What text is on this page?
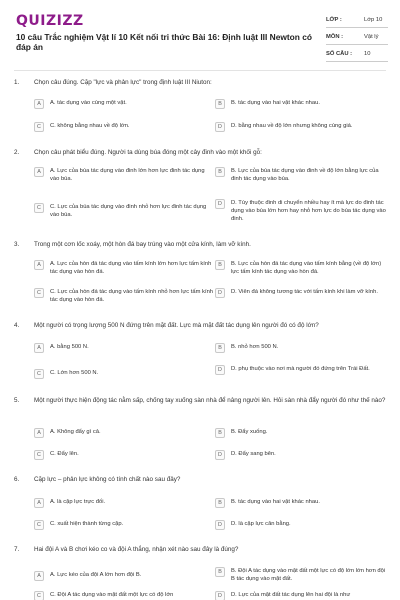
QUIZIZZ
10 câu Trắc nghiệm Vật lí 10 Kết nối tri thức Bài 16: Định luật III Newton có đáp án
LỚP :	Lớp 10
MÔN :	Vật lý
SỐ CÂU :	10
1. Chọn câu đúng. Cặp "lực và phản lực" trong định luật III Niuton:
A	A. tác dụng vào cùng một vật.	B	B. tác dụng vào hai vật khác nhau.
C	C. không bằng nhau về độ lớn.	D	D. bằng nhau về độ lớn nhưng không cùng giá.
2. Chọn câu phát biểu đúng. Người ta dùng búa đóng một cây đinh vào một khối gỗ:
A	A. Lực của búa tác dụng vào đinh lớn hơn lực đinh tác dụng vào búa.
B	B. Lực của búa tác dụng vào đinh về độ lớn bằng lực của đinh tác dụng vào búa.
C	C. Lực của búa tác dụng vào đinh nhỏ hơn lực đinh tác dụng vào búa.
D	D. Tùy thuộc đinh di chuyển nhiều hay ít mà lực do đinh tác dụng vào búa lớn hơn hay nhỏ hơn lực do búa tác dụng vào đinh.
3. Trong một cơn lốc xoáy, một hòn đá bay trúng vào một cửa kính, làm vỡ kính.
A	A. Lực của hòn đá tác dụng vào tấm kính lớn hơn lực tấm kính tác dụng vào hòn đá.
B	B. Lực của hòn đá tác dụng vào tấm kính bằng (về độ lớn) lực tấm kính tác dụng vào hòn đá.
C	C. Lực của hòn đá tác dụng vào tấm kính nhỏ hơn lực tấm kính tác dụng vào hòn đá.
D	D. Viên đá không tương tác với tấm kính khi làm vỡ kính.
4. Một người có trọng lượng 500 N đứng trên mặt đất. Lực mà mặt đất tác dụng lên người đó có độ lớn?
A	A. bằng 500 N.	B	B. nhỏ hơn 500 N.
C	C. Lớn hơn 500 N.	D	D. phụ thuộc vào nơi mà người đó đứng trên Trái Đất.
5. Một người thực hiện động tác nằm sấp, chống tay xuống sàn nhà để nâng người lên. Hỏi sàn nhà đẩy người đó như thế nào?
A	A. Không đẩy gì cả.	B	B. Đẩy xuống.
C	C. Đẩy lên.	D	D. Đẩy sang bên.
6. Cặp lực – phản lực không có tính chất nào sau đây?
A	A. là cặp lực trực đối.	B	B. tác dụng vào hai vật khác nhau.
C	C. xuất hiện thành từng cặp.	D	D. là cặp lực cân bằng.
7. Hai đội A và B chơi kéo co và đội A thắng, nhận xét nào sau đây là đúng?
A	A. Lực kéo của đội A lớn hơn đội B.	B	B. Đội A tác dụng vào mặt đất một lực có độ lớn lớn hơn đội B tác dụng vào mặt đất.
C	C. Đội A tác dụng vào mặt đất một lực có độ lớn	D	D. Lực của mặt đất tác dụng lên hai đội là như
